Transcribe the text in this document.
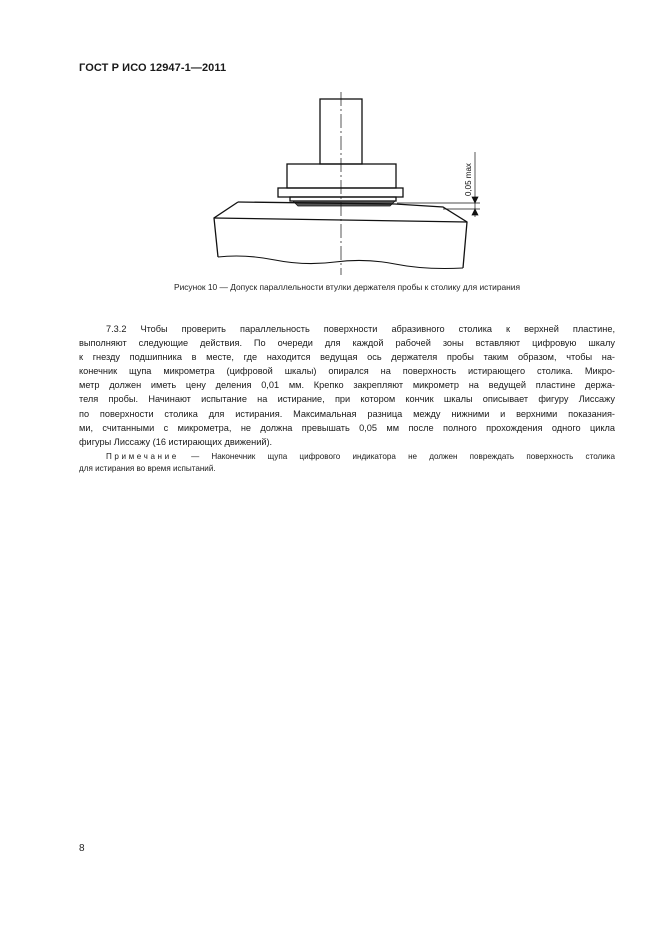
ГОСТ Р ИСО 12947-1—2011
0,05 max
Рисунок 10 — Допуск параллельности втулки держателя пробы к столику для истирания
7.3.2 Чтобы проверить параллельность поверхности абразивного столика к верхней пластине,
выполняют следующие действия. По очереди для каждой рабочей зоны вставляют цифровую шкалу
к гнезду подшипника в месте, где находится ведущая ось держателя пробы таким образом, чтобы на-
конечник щупа микрометра (цифровой шкалы) опирался на поверхность истирающего столика. Микро-
метр должен иметь цену деления 0,01 мм. Крепко закрепляют микрометр на ведущей пластине держа-
теля пробы. Начинают испытание на истирание, при котором кончик шкалы описывает фигуру Лиссажу
по поверхности столика для истирания. Максимальная разница между нижними и верхними показания-
ми, считанными с микрометра, не должна превышать 0,05 мм после полного прохождения одного цикла
фигуры Лиссажу (16 истирающих движений).
Примечание — Наконечник щупа цифрового индикатора не должен повреждать поверхность столика
для истирания во время испытаний.
8
